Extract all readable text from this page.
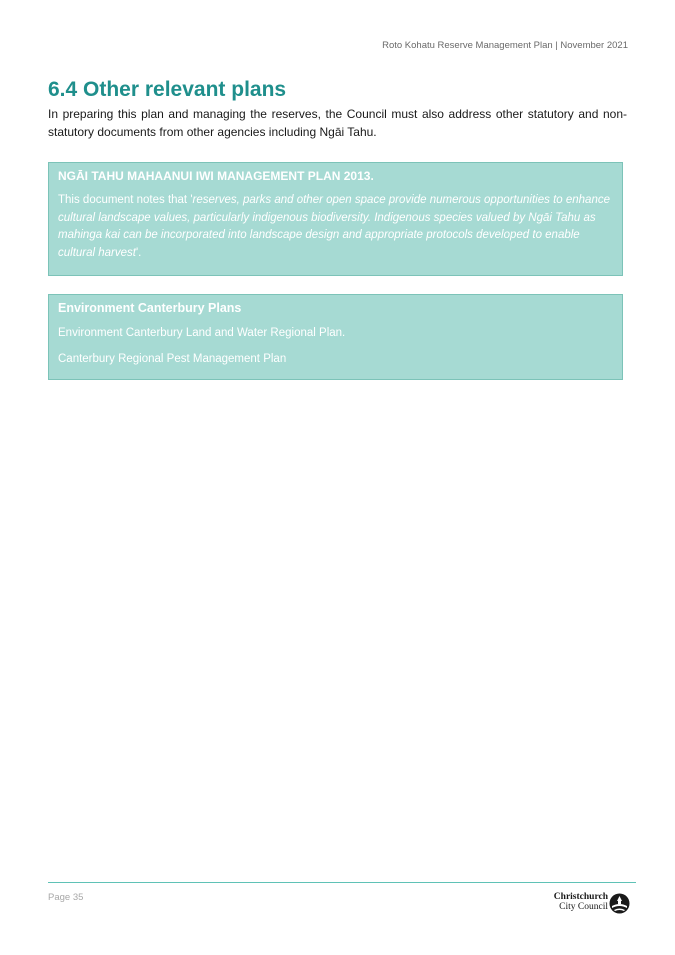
Roto Kohatu Reserve Management Plan | November 2021
6.4 Other relevant plans

In preparing this plan and managing the reserves, the Council must also address other statutory and non-statutory documents from other agencies including Ngāi Tahu.

NGĀI TAHU MAHAANUI IWI MANAGEMENT PLAN 2013.

This document notes that 'reserves, parks and other open space provide numerous opportunities to enhance cultural landscape values, particularly indigenous biodiversity. Indigenous species valued by Ngāi Tahu as mahinga kai can be incorporated into landscape design and appropriate protocols developed to enable cultural harvest'.

Environment Canterbury Plans

Environment Canterbury Land and Water Regional Plan.

Canterbury Regional Pest Management Plan

Page 35	Christchurch
City Council
